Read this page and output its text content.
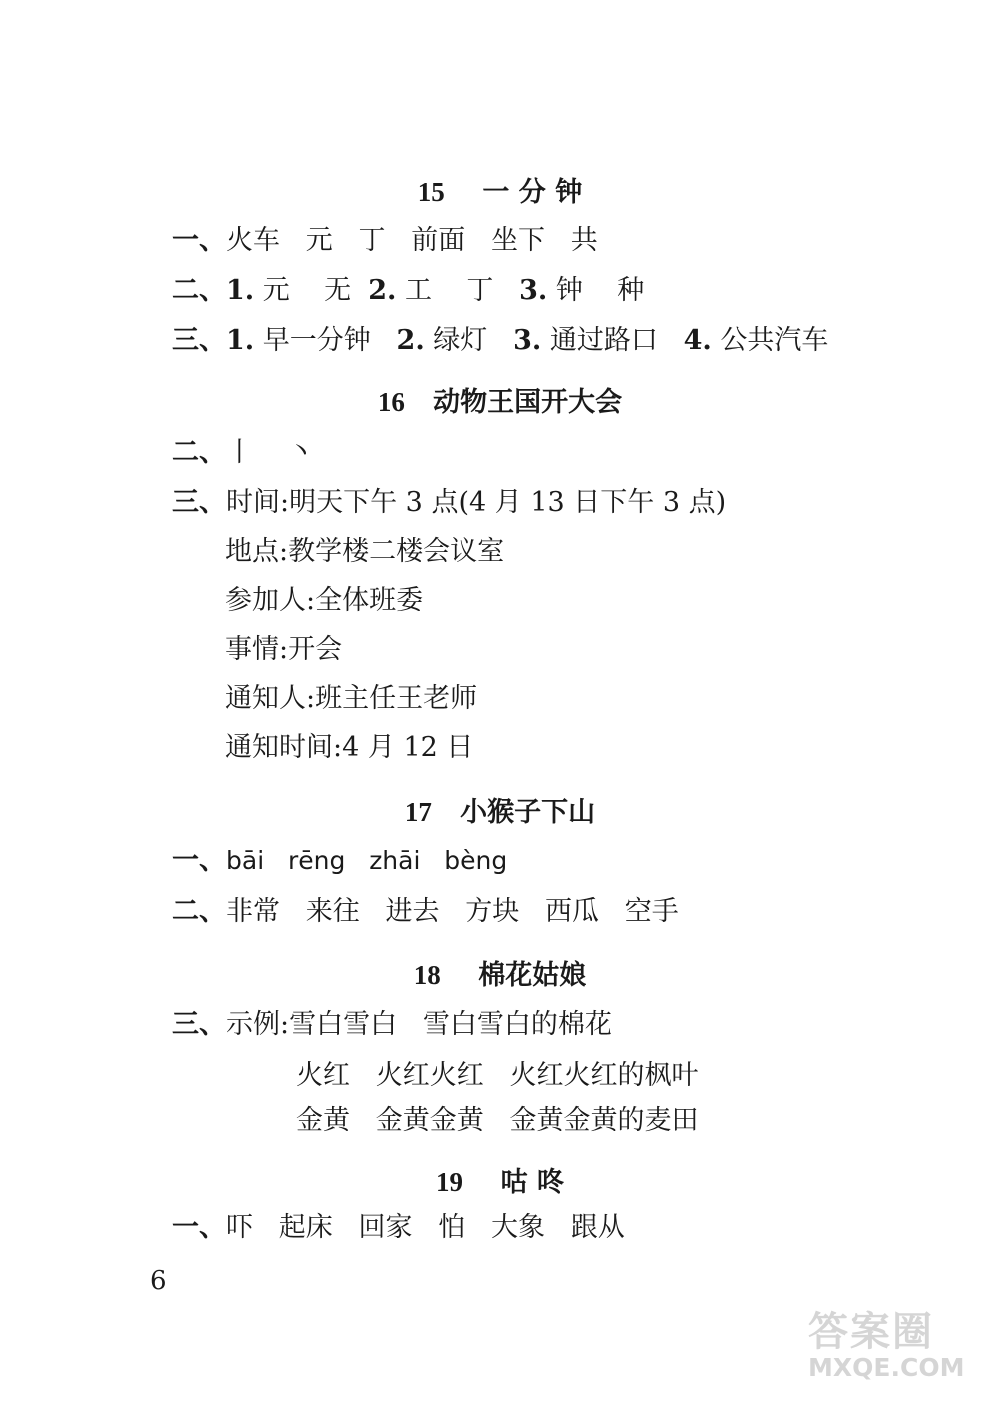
15 一 分 钟
一、火车   元   丁   前面   坐下   共
二、1. 元    无  2. 工    丁   3. 钟    种
三、1. 早一分钟   2. 绿灯   3. 通过路口   4. 公共汽车
16 动物王国开大会
二、丨    丶
三、时间:明天下午 3 点(4 月 13 日下午 3 点)
地点:教学楼二楼会议室
参加人:全体班委
事情:开会
通知人:班主任王老师
通知时间:4 月 12 日
17 小猴子下山
一、bāi   rēng   zhāi   bèng
二、非常   来往   进去   方块   西瓜   空手
18 棉花姑娘
三、示例:雪白雪白   雪白雪白的棉花
火红   火红火红   火红火红的枫叶
金黄   金黄金黄   金黄金黄的麦田
19 咕 咚
一、吓   起床   回家   怕   大象   跟从
6
答案圈
MXQE.COM
